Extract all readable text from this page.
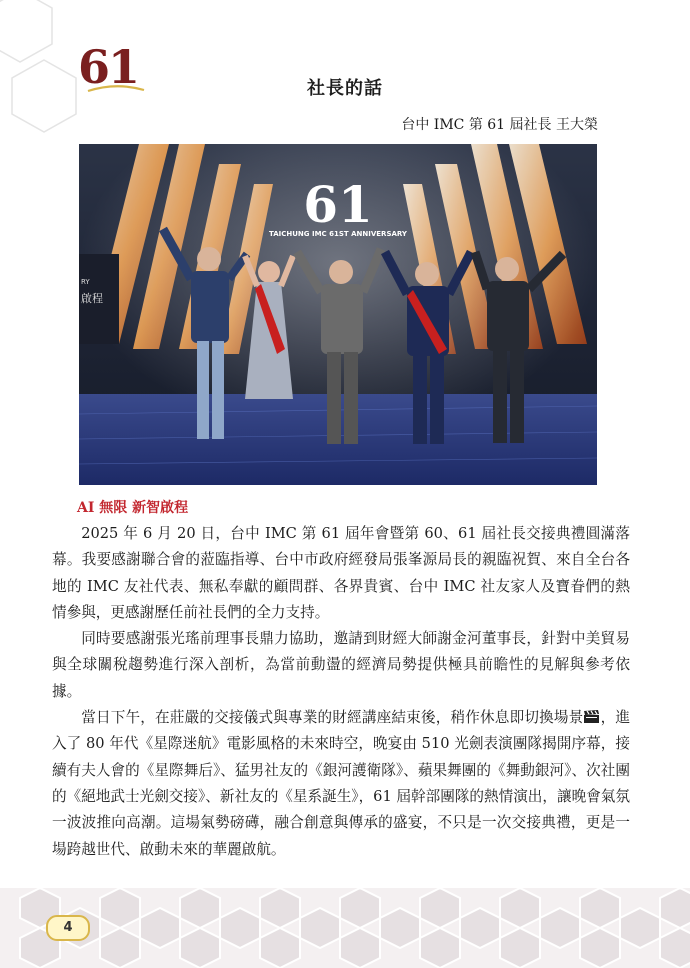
61	社長的話
台中 IMC 第 61 屆社長 王大榮
61
TAICHUNG IMC 61ST ANNIVERSARY
RY
啟程
AI 無限 新智啟程

2025 年 6 月 20 日，台中 IMC 第 61 屆年會暨第 60、61 屆社長交接典禮圓滿落幕。我要感謝聯合會的蒞臨指導、台中市政府經發局張峯源局長的親臨祝賀、來自全台各地的 IMC 友社代表、無私奉獻的顧問群、各界貴賓、台中 IMC 社友家人及寶眷們的熱情參與，更感謝歷任前社長們的全力支持。

同時要感謝張光瑤前理事長鼎力協助，邀請到財經大師謝金河董事長，針對中美貿易與全球關稅趨勢進行深入剖析，為當前動盪的經濟局勢提供極具前瞻性的見解與參考依據。

當日下午，在莊嚴的交接儀式與專業的財經講座結束後，稍作休息即切換場景 ，進入了 80 年代《星際迷航》電影風格的未來時空，晚宴由 510 光劍表演團隊揭開序幕，接續有夫人會的《星際舞后》、猛男社友的《銀河護衛隊》、蘋果舞團的《舞動銀河》、次社團的《絕地武士光劍交接》、新社友的《星系誕生》，61 屆幹部團隊的熱情演出，讓晚會氣氛一波波推向高潮。這場氣勢磅礡，融合創意與傳承的盛宴，不只是一次交接典禮，更是一場跨越世代、啟動未來的華麗啟航。

4
